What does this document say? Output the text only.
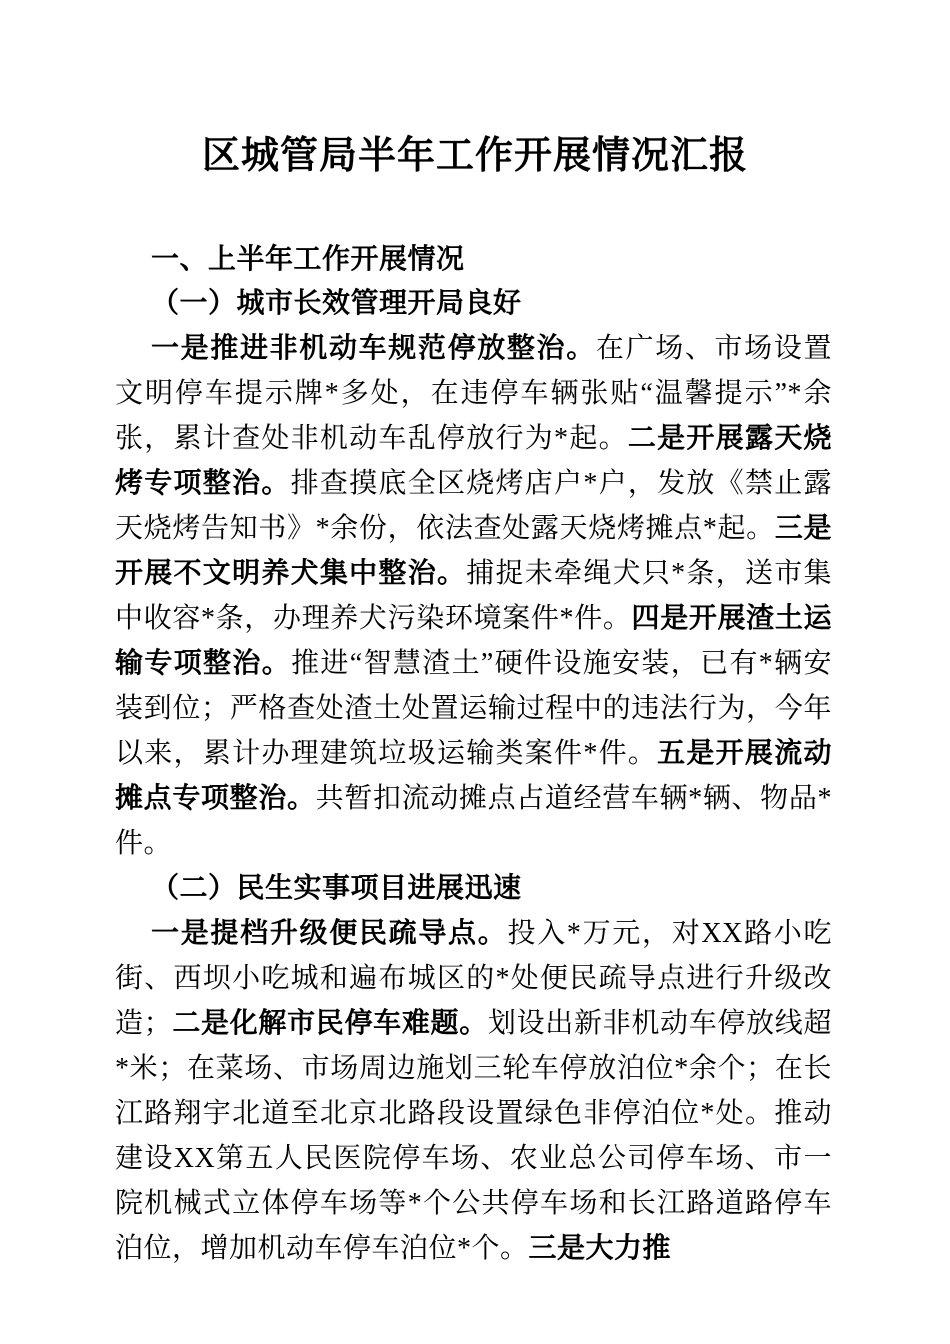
区城管局半年工作开展情况汇报
一、上半年工作开展情况
（一）城市长效管理开局良好

一是推进非机动车规范停放整治。在广场、市场设置文明停车提示牌*多处，在违停车辆张贴“温馨提示”*余张，累计查处非机动车乱停放行为*起。二是开展露天烧烤专项整治。排查摸底全区烧烤店户*户，发放《禁止露天烧烤告知书》*余份，依法查处露天烧烤摊点*起。三是开展不文明养犬集中整治。捕捉未牵绳犬只*条，送市集中收容*条，办理养犬污染环境案件*件。四是开展渣土运输专项整治。推进“智慧渣土”硬件设施安装，已有*辆安装到位；严格查处渣土处置运输过程中的违法行为，今年以来，累计办理建筑垃圾运输类案件*件。五是开展流动摊点专项整治。共暂扣流动摊点占道经营车辆*辆、物品*件。

（二）民生实事项目进展迅速

一是提档升级便民疏导点。投入*万元，对XX路小吃街、西坝小吃城和遍布城区的*处便民疏导点进行升级改造；二是化解市民停车难题。划设出新非机动车停放线超*米；在菜场、市场周边施划三轮车停放泊位*余个；在长江路翔宇北道至北京北路段设置绿色非停泊位*处。推动建设XX第五人民医院停车场、农业总公司停车场、市一院机械式立体停车场等*个公共停车场和长江路道路停车泊位，增加机动车停车泊位*个。三是大力推
